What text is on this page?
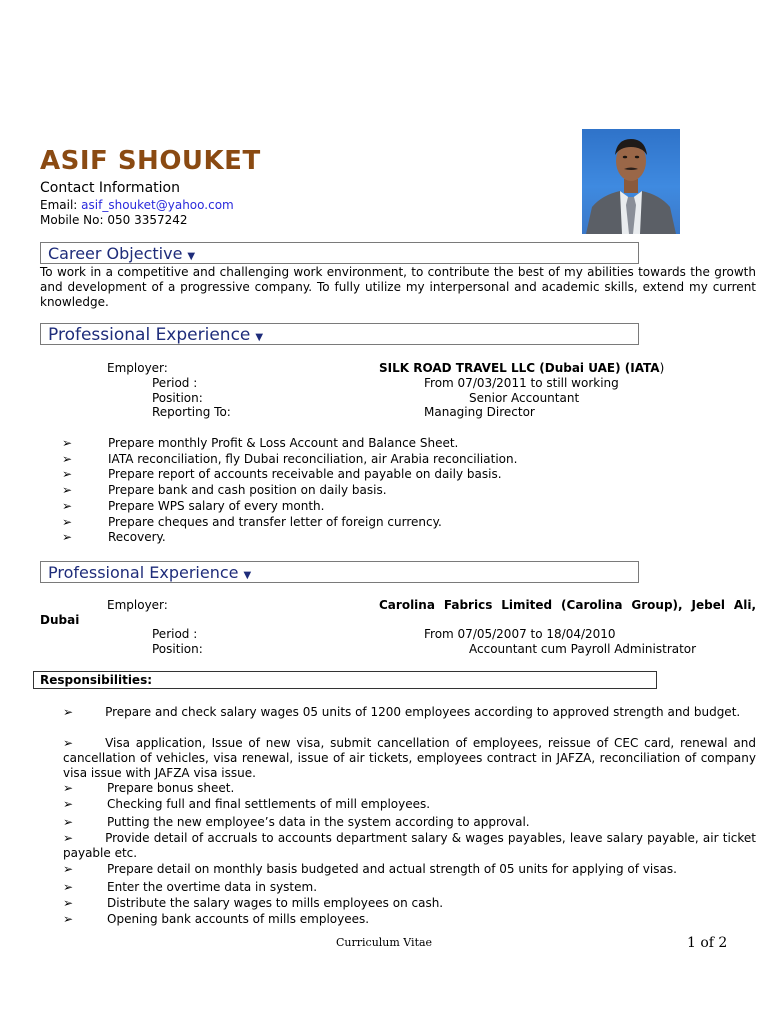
ASIF SHOUKET
Contact Information
Email: asif_shouket@yahoo.com
Mobile No: 050 3357242
Career Objective ▼
To work in a competitive and challenging work environment, to contribute the best of my abilities towards the growth and development of a progressive company. To fully utilize my interpersonal and academic skills, extend my current knowledge.
Professional Experience ▼
Employer:	SILK ROAD TRAVEL LLC (Dubai UAE) (IATA)
Period :	From 07/03/2011 to still working
Position:	Senior Accountant
Reporting To:	Managing Director
➢	Prepare monthly Profit & Loss Account and Balance Sheet.
➢	IATA reconciliation, fly Dubai reconciliation, air Arabia reconciliation.
➢	Prepare report of accounts receivable and payable on daily basis.
➢	Prepare bank and cash position on daily basis.
➢	Prepare WPS salary of every month.
➢	Prepare cheques and transfer letter of foreign currency.
➢	Recovery.
Professional Experience ▼
Employer:	Carolina Fabrics Limited (Carolina Group), Jebel Ali,
Dubai
Period :	From 07/05/2007 to 18/04/2010
Position:	Accountant cum Payroll Administrator
Responsibilities:
➢	Prepare and check salary wages 05 units of 1200 employees according to approved strength and budget.
➢	Visa application, Issue of new visa, submit cancellation of employees, reissue of CEC card, renewal and cancellation of vehicles, visa renewal, issue of air tickets, employees contract in JAFZA, reconciliation of company visa issue with JAFZA visa issue.
➢	Prepare bonus sheet.
➢	Checking full and final settlements of mill employees.
➢	Putting the new employee’s data in the system according to approval.
➢	Provide detail of accruals to accounts department salary & wages payables, leave salary payable, air ticket payable etc.
➢	Prepare detail on monthly basis budgeted and actual strength of 05 units for applying of visas.
➢	Enter the overtime data in system.
➢	Distribute the salary wages to mills employees on cash.
➢	Opening bank accounts of mills employees.
Curriculum Vitae	1 of 2
